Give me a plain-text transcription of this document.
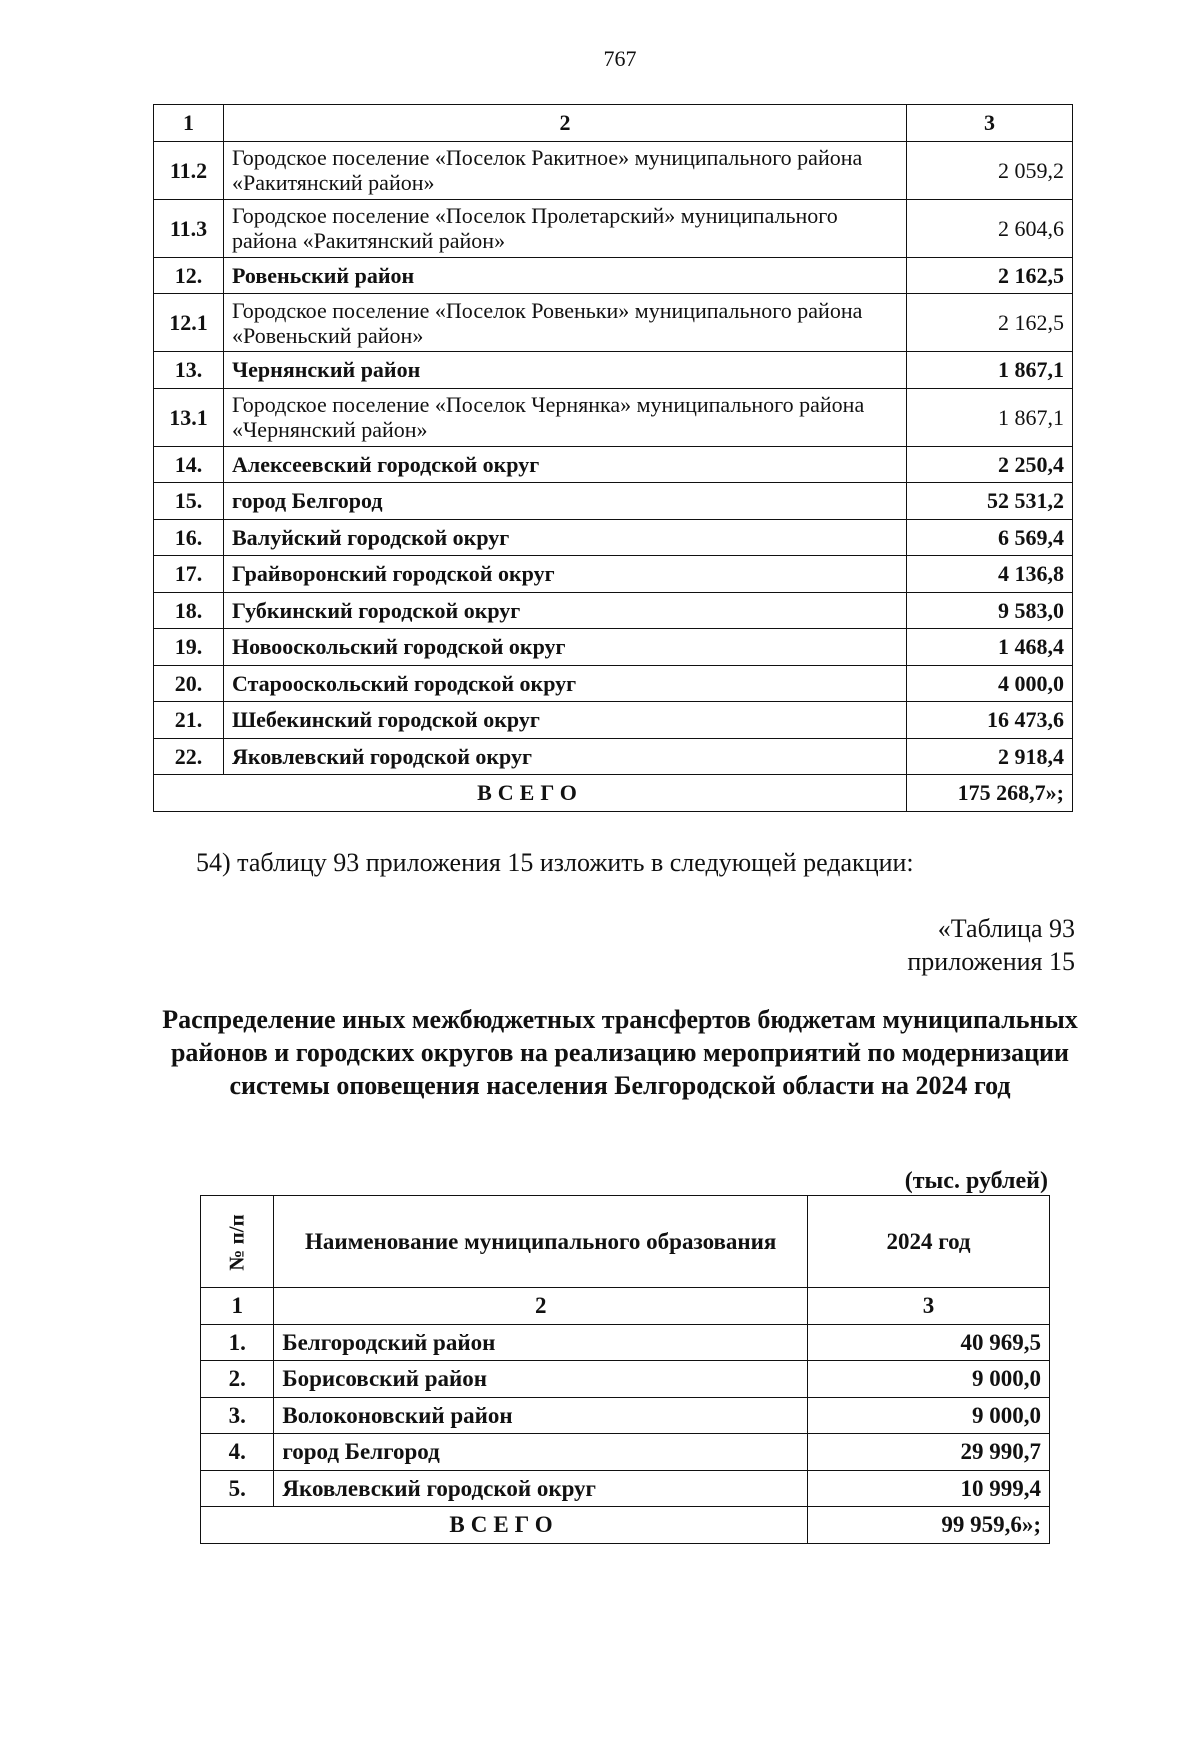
767
1	2	3
11.2	Городское поселение «Поселок Ракитное» муниципального района «Ракитянский район»	2 059,2
11.3	Городское поселение «Поселок Пролетарский» муниципального района «Ракитянский район»	2 604,6
12.	Ровеньский район	2 162,5
12.1	Городское поселение «Поселок Ровеньки» муниципального района «Ровеньский район»	2 162,5
13.	Чернянский район	1 867,1
13.1	Городское поселение «Поселок Чернянка» муниципального района «Чернянский район»	1 867,1
14.	Алексеевский городской округ	2 250,4
15.	город Белгород	52 531,2
16.	Валуйский городской округ	6 569,4
17.	Грайворонский городской округ	4 136,8
18.	Губкинский городской округ	9 583,0
19.	Новооскольский городской округ	1 468,4
20.	Старооскольский городской округ	4 000,0
21.	Шебекинский городской округ	16 473,6
22.	Яковлевский городской округ	2 918,4
ВСЕГО		175 268,7»;
54) таблицу 93 приложения 15 изложить в следующей редакции:
«Таблица 93
приложения 15
Распределение иных межбюджетных трансфертов бюджетам муниципальных районов и городских округов на реализацию мероприятий по модернизации системы оповещения населения Белгородской области на 2024 год
(тыс. рублей)
№ п/п	Наименование муниципального образования	2024 год
1	2	3
1.	Белгородский район	40 969,5
2.	Борисовский район	9 000,0
3.	Волоконовский район	9 000,0
4.	город Белгород	29 990,7
5.	Яковлевский городской округ	10 999,4
ВСЕГО		99 959,6»;
